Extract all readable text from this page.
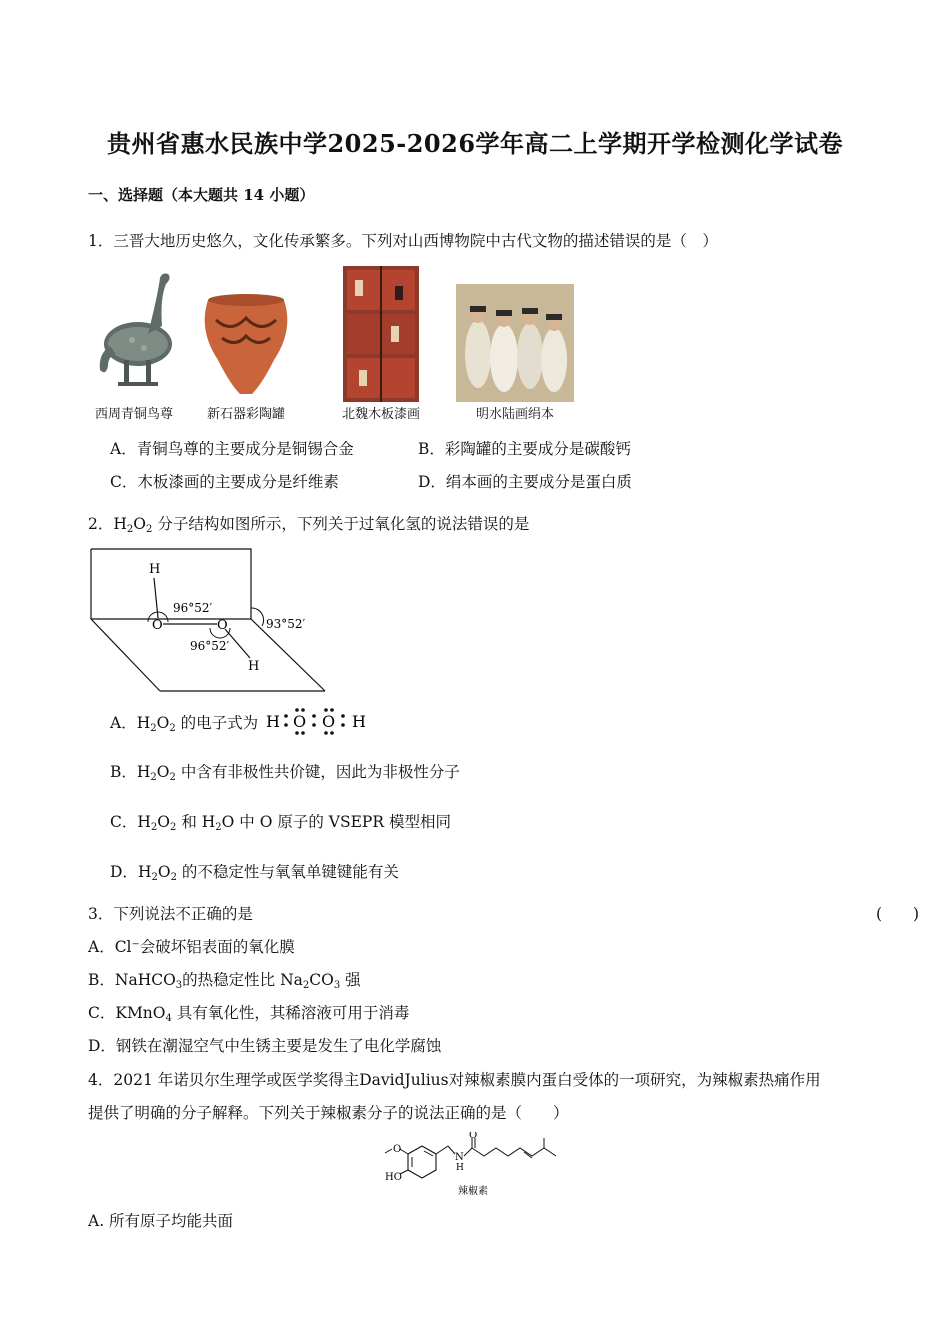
贵州省惠水民族中学2025-2026学年高二上学期开学检测化学试卷
一、选择题（本大题共 14 小题）
1．三晋大地历史悠久，文化传承繁多。下列对山西博物院中古代文物的描述错误的是（　）
西周青铜鸟尊	新石器彩陶罐	北魏木板漆画	明水陆画绢本
A．青铜鸟尊的主要成分是铜锡合金	B．彩陶罐的主要成分是碳酸钙
C．木板漆画的主要成分是纤维素	D．绢本画的主要成分是蛋白质
2．$H_2O_2$ 分子结构如图所示，下列关于过氧化氢的说法错误的是
H
O	O
H
96°52′
93°52′
96°52′
A．$H_2O_2$ 的电子式为 H O O H
B．$H_2O_2$ 中含有非极性共价键，因此为非极性分子
C．$H_2O_2$ 和 $H_2O$ 中 O 原子的 VSEPR 模型相同
D．$H_2O_2$ 的不稳定性与氧氧单键键能有关
3．下列说法不正确的是	(　　)
A．Cl⁻会破坏铝表面的氧化膜
B．NaHCO$_3$的热稳定性比 $Na_2CO_3$ 强
C．KMnO$_4$ 具有氧化性，其稀溶液可用于消毒
D．钢铁在潮湿空气中生锈主要是发生了电化学腐蚀
4．2021 年诺贝尔生理学或医学奖得主DavidJulius对辣椒素膜内蛋白受体的一项研究，为辣椒素热痛作用
提供了明确的分子解释。下列关于辣椒素分子的说法正确的是（　　）
O
O
N
H
HO
辣椒素
A. 所有原子均能共面
